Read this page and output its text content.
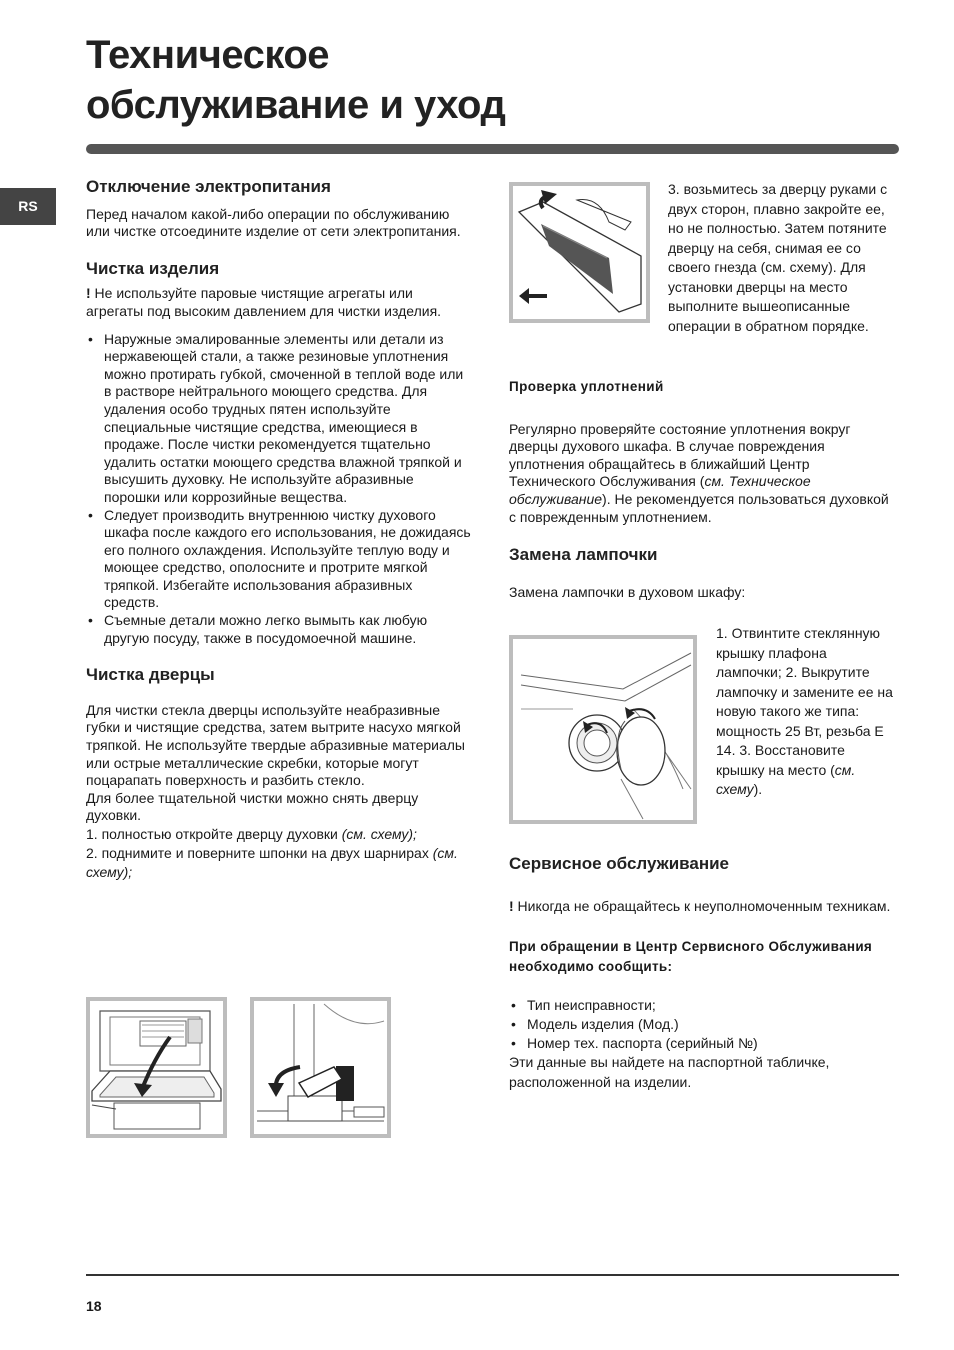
Техническое
обслуживание и уход
RS
Отключение электропитания

Перед началом какой-либо операции по обслуживанию или чистке отсоедините изделие от сети электропитания.

Чистка изделия

! Не используйте паровые чистящие агрегаты или агрегаты под высоким давлением для чистки изделия.

• Наружные эмалированные элементы или детали из нержавеющей стали, а также резиновые уплотнения можно протирать губкой, смоченной в теплой воде или в растворе нейтрального моющего средства. Для удаления особо трудных пятен используйте специальные чистящие средства, имеющиеся в продаже. После чистки рекомендуется тщательно удалить остатки моющего средства влажной тряпкой и высушить духовку. Не используйте абразивные порошки или коррозийные вещества.
• Следует производить внутреннюю чистку духового шкафа после каждого его использования, не дожидаясь его полного охлаждения. Используйте теплую воду и моющее средство, ополосните и протрите мягкой тряпкой. Избегайте использования абразивных средств.
• Съемные детали можно легко вымыть как любую другую посуду, также в посудомоечной машине.
Чистка дверцы

Для чистки стекла дверцы используйте неабразивные губки и чистящие средства, затем вытрите насухо мягкой тряпкой. Не используйте твердые абразивные материалы или острые металлические скребки, которые могут поцарапать поверхность и разбить стекло.

Для более тщательной чистки можно снять дверцу духовки.

1. полностью откройте дверцу духовки (см. схему);

2. поднимите и поверните шпонки на двух шарнирах (см. схему);

3. возьмитесь за дверцу руками с двух сторон, плавно закройте ее, но не полностью. Затем потяните дверцу на себя, снимая ее со своего гнезда (см. схему). Для установки дверцы на место выполните вышеописанные операции в обратном порядке.
Проверка уплотнений

Регулярно проверяйте состояние уплотнения вокруг дверцы духового шкафа. В случае повреждения уплотнения обращайтесь в ближайший Центр Технического Обслуживания (см. Техническое обслуживание). Не рекомендуется пользоваться духовкой с поврежденным уплотнением.

Замена лампочки

Замена лампочки в духовом шкафу:

1. Отвинтите стеклянную крышку плафона лампочки; 2. Выкрутите лампочку и замените ее на новую такого же типа: мощность 25 Вт, резьба Е 14. 3. Восстановите крышку на место (см. схему).
Сервисное обслуживание

! Никогда не обращайтесь к неуполномоченным техникам.

При обращении в Центр Сервисного Обслуживания необходимо сообщить:

• Тип неисправности;
• Модель изделия (Мод.)
• Номер тех. паспорта (серийный №)

Эти данные вы найдете на паспортной табличке, расположенной на изделии.

18
